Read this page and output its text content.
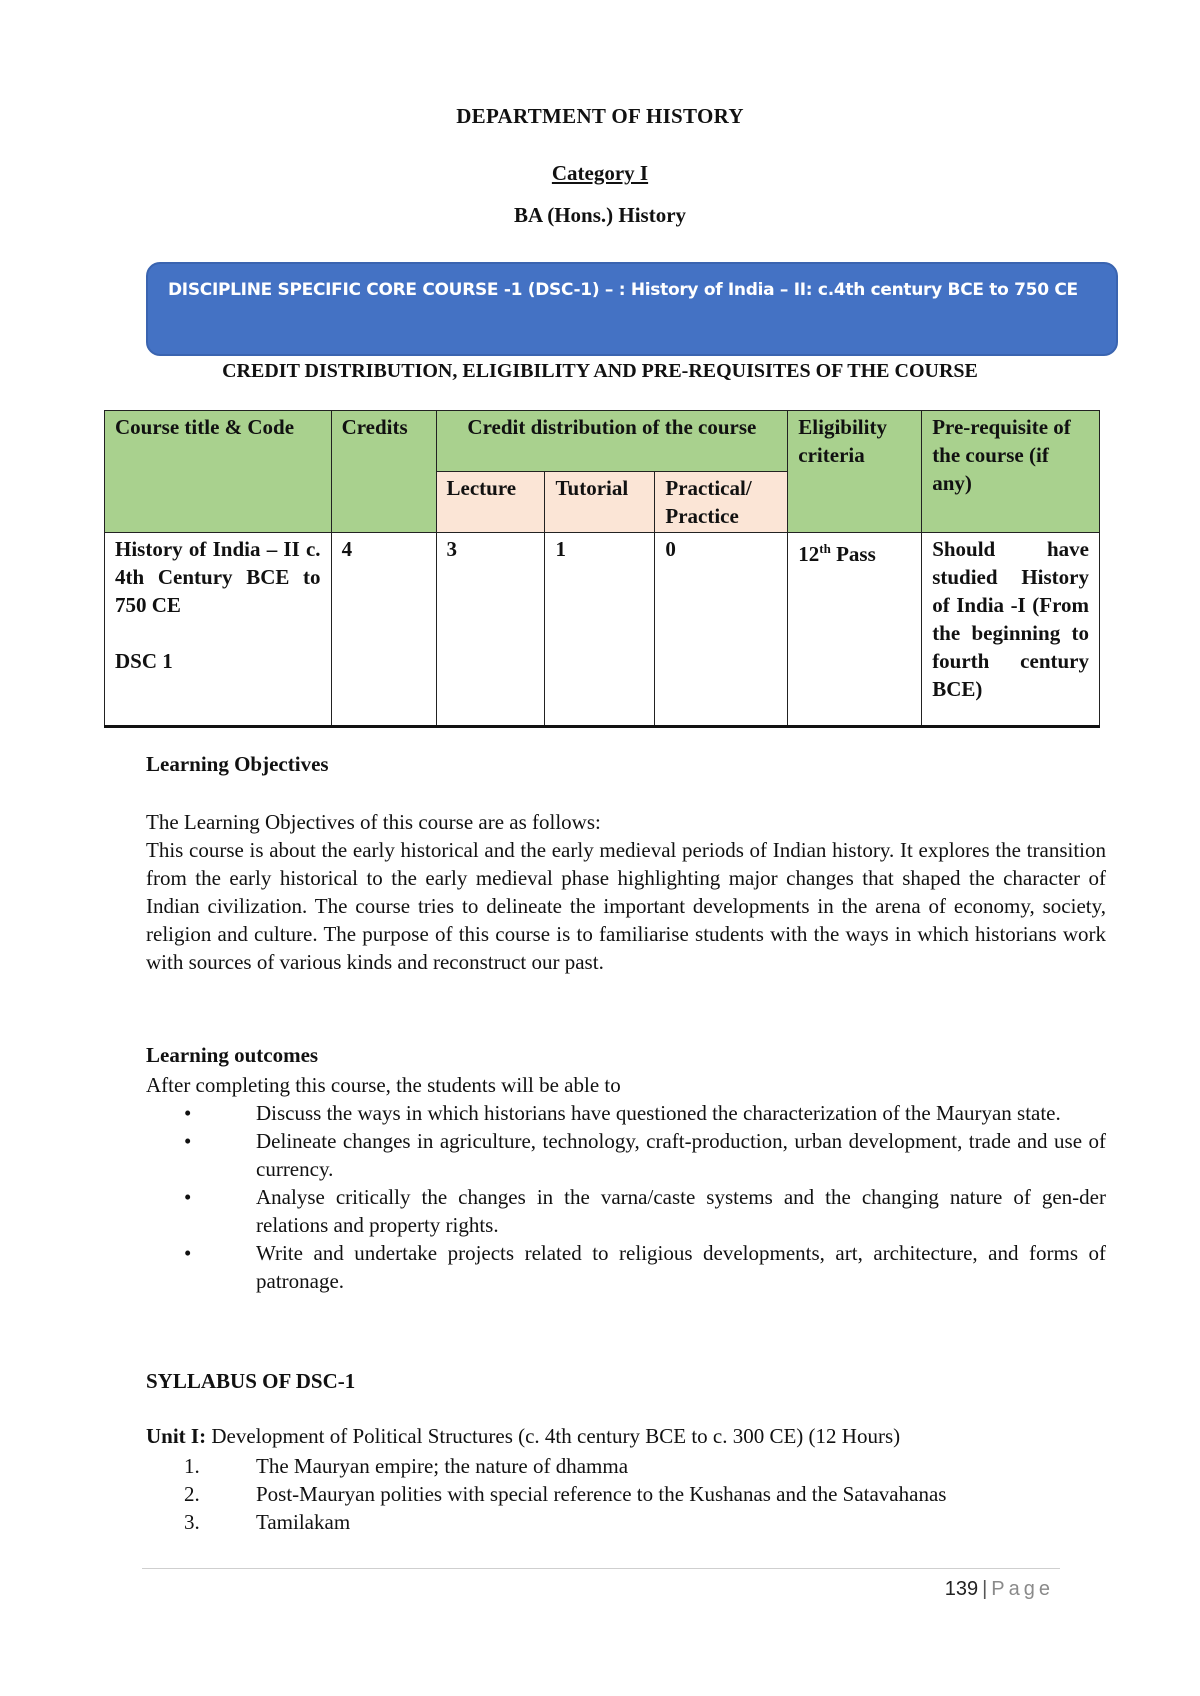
DEPARTMENT OF HISTORY
Category I
BA (Hons.) History
DISCIPLINE SPECIFIC CORE COURSE -1 (DSC-1) – : History of India – II: c.4th century BCE to 750 CE
CREDIT DISTRIBUTION, ELIGIBILITY AND PRE-REQUISITES OF THE COURSE
Course title & Code	Credits	Credit distribution of the course			Eligibility criteria	Pre-requisite of the course (if any)
		Lecture	Tutorial	Practical/ Practice		

History of India – II c. 4th Century BCE to 750 CE
DSC 1	4	3	1	0	12th Pass	Should have studied History of India -I (From the beginning to fourth century BCE)
Learning Objectives
The Learning Objectives of this course are as follows:
This course is about the early historical and the early medieval periods of Indian history. It explores the transition from the early historical to the early medieval phase highlighting major changes that shaped the character of Indian civilization. The course tries to delineate the important developments in the arena of economy, society, religion and culture. The purpose of this course is to familiarise students with the ways in which historians work with sources of various kinds and reconstruct our past.
Learning outcomes
After completing this course, the students will be able to
•	Discuss the ways in which historians have questioned the characterization of the Mauryan state.
•	Delineate changes in agriculture, technology, craft-production, urban development, trade and use of currency.
•	Analyse critically the changes in the varna/caste systems and the changing nature of gen-der relations and property rights.
•	Write and undertake projects related to religious developments, art, architecture, and forms of patronage.
SYLLABUS OF DSC-1
Unit I: Development of Political Structures (c. 4th century BCE to c. 300 CE) (12 Hours)
1.	The Mauryan empire; the nature of dhamma
2.	Post-Mauryan polities with special reference to the Kushanas and the Satavahanas
3.	Tamilakam
139 | Page
